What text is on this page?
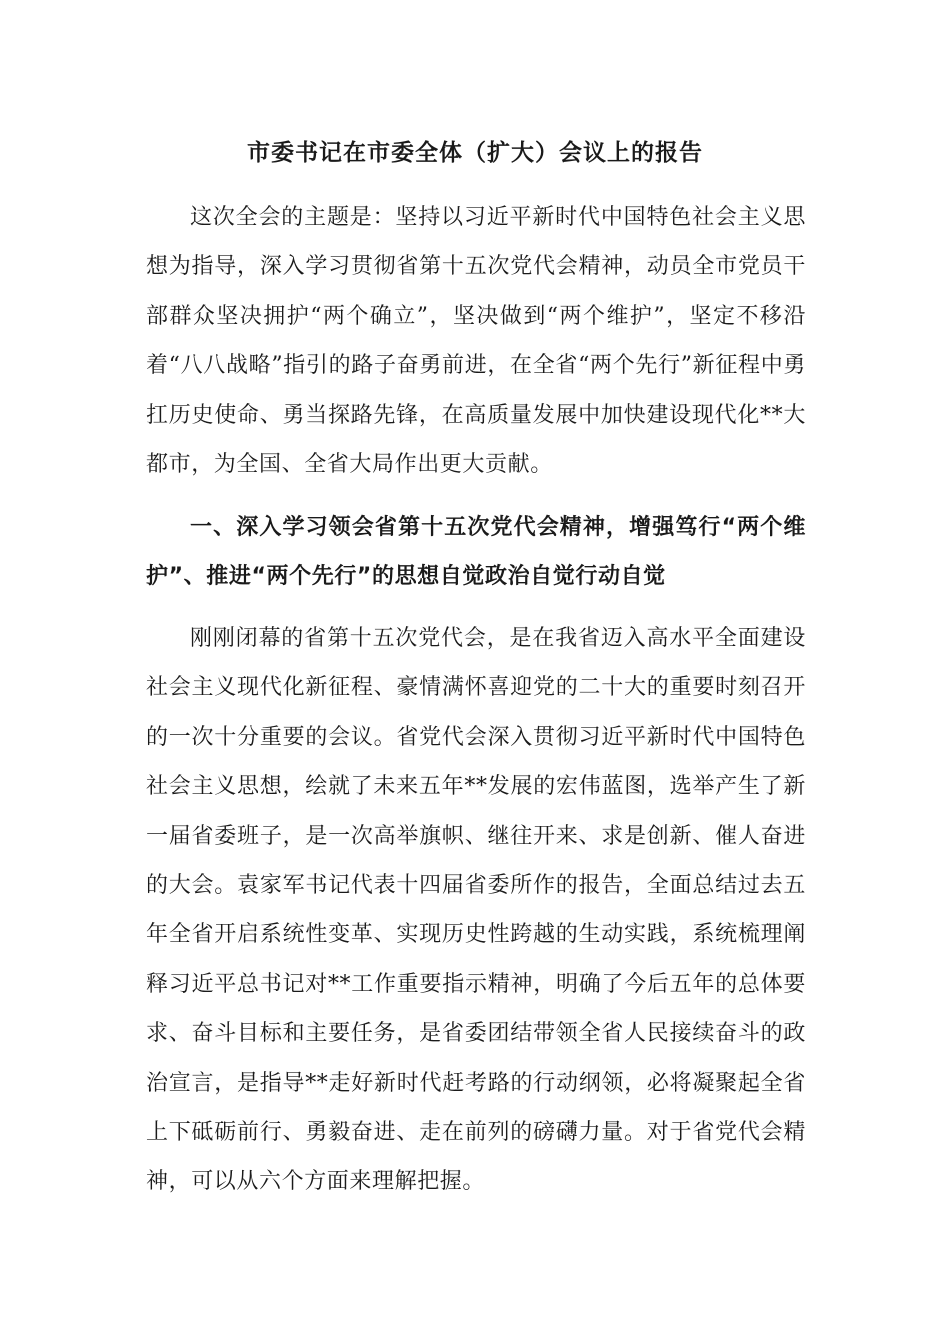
市委书记在市委全体（扩大）会议上的报告
这次全会的主题是：坚持以习近平新时代中国特色社会主义思想为指导，深入学习贯彻省第十五次党代会精神，动员全市党员干部群众坚决拥护“两个确立”，坚决做到“两个维护”，坚定不移沿着“八八战略”指引的路子奋勇前进，在全省“两个先行”新征程中勇扛历史使命、勇当探路先锋，在高质量发展中加快建设现代化**大都市，为全国、全省大局作出更大贡献。
一、深入学习领会省第十五次党代会精神，增强笃行“两个维护”、推进“两个先行”的思想自觉政治自觉行动自觉
刚刚闭幕的省第十五次党代会，是在我省迈入高水平全面建设社会主义现代化新征程、豪情满怀喜迎党的二十大的重要时刻召开的一次十分重要的会议。省党代会深入贯彻习近平新时代中国特色社会主义思想，绘就了未来五年**发展的宏伟蓝图，选举产生了新一届省委班子，是一次高举旗帜、继往开来、求是创新、催人奋进的大会。袁家军书记代表十四届省委所作的报告，全面总结过去五年全省开启系统性变革、实现历史性跨越的生动实践，系统梳理阐释习近平总书记对**工作重要指示精神，明确了今后五年的总体要求、奋斗目标和主要任务，是省委团结带领全省人民接续奋斗的政治宣言，是指导**走好新时代赶考路的行动纲领，必将凝聚起全省上下砥砺前行、勇毅奋进、走在前列的磅礴力量。对于省党代会精神，可以从六个方面来理解把握。
